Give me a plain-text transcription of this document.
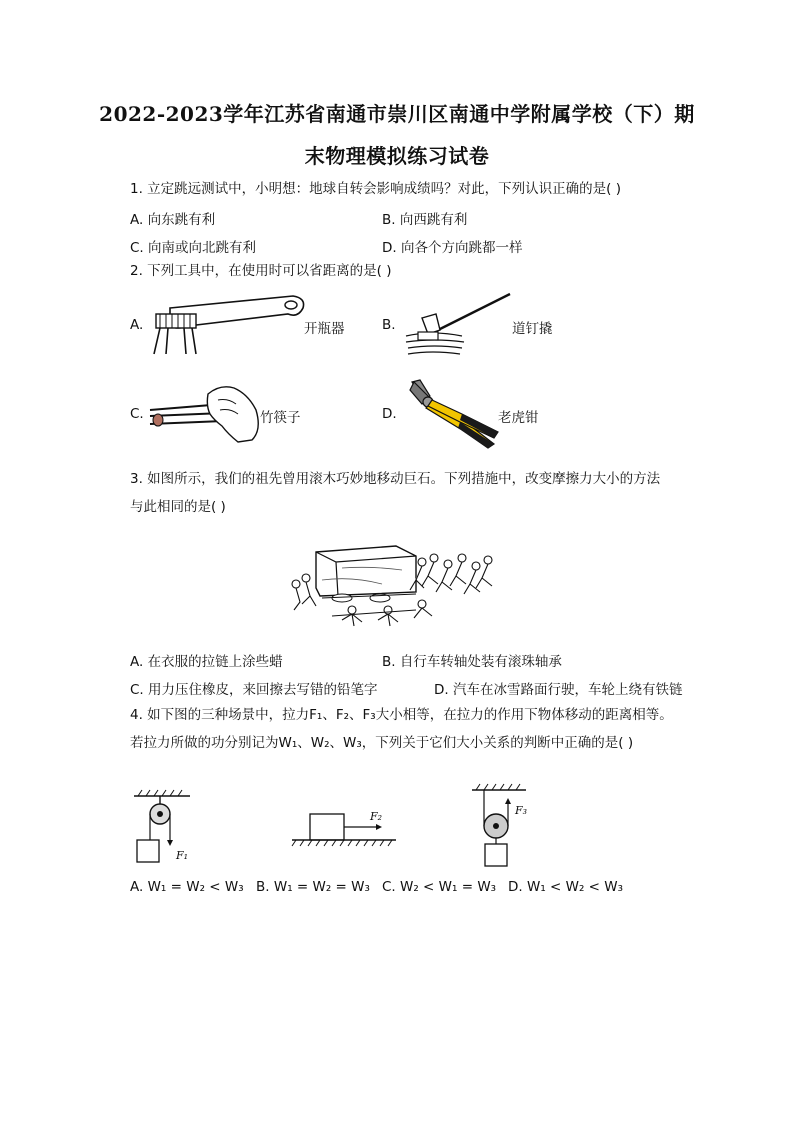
2022-2023学年江苏省南通市崇川区南通中学附属学校（下）期
末物理模拟练习试卷
1. 立定跳远测试中，小明想：地球自转会影响成绩吗？对此，下列认识正确的是( )
A. 向东跳有利	B. 向西跳有利
C. 向南或向北跳有利	D. 向各个方向跳都一样
2. 下列工具中，在使用时可以省距离的是( )
A.	开瓶器	B.	道钉撬
C.	竹筷子	D.	老虎钳
3. 如图所示，我们的祖先曾用滚木巧妙地移动巨石。下列措施中，改变摩擦力大小的方法
与此相同的是( )
A. 在衣服的拉链上涂些蜡	B. 自行车转轴处装有滚珠轴承
C. 用力压住橡皮，来回擦去写错的铅笔字	D. 汽车在冰雪路面行驶，车轮上绕有铁链
4. 如下图的三种场景中，拉力F₁、F₂、F₃大小相等，在拉力的作用下物体移动的距离相等。
若拉力所做的功分别记为W₁、W₂、W₃，下列关于它们大小关系的判断中正确的是( )
F₁
F₂	F₃
A. W₁ = W₂ < W₃ B. W₁ = W₂ = W₃ C. W₂ < W₁ = W₃ D. W₁ < W₂ < W₃
